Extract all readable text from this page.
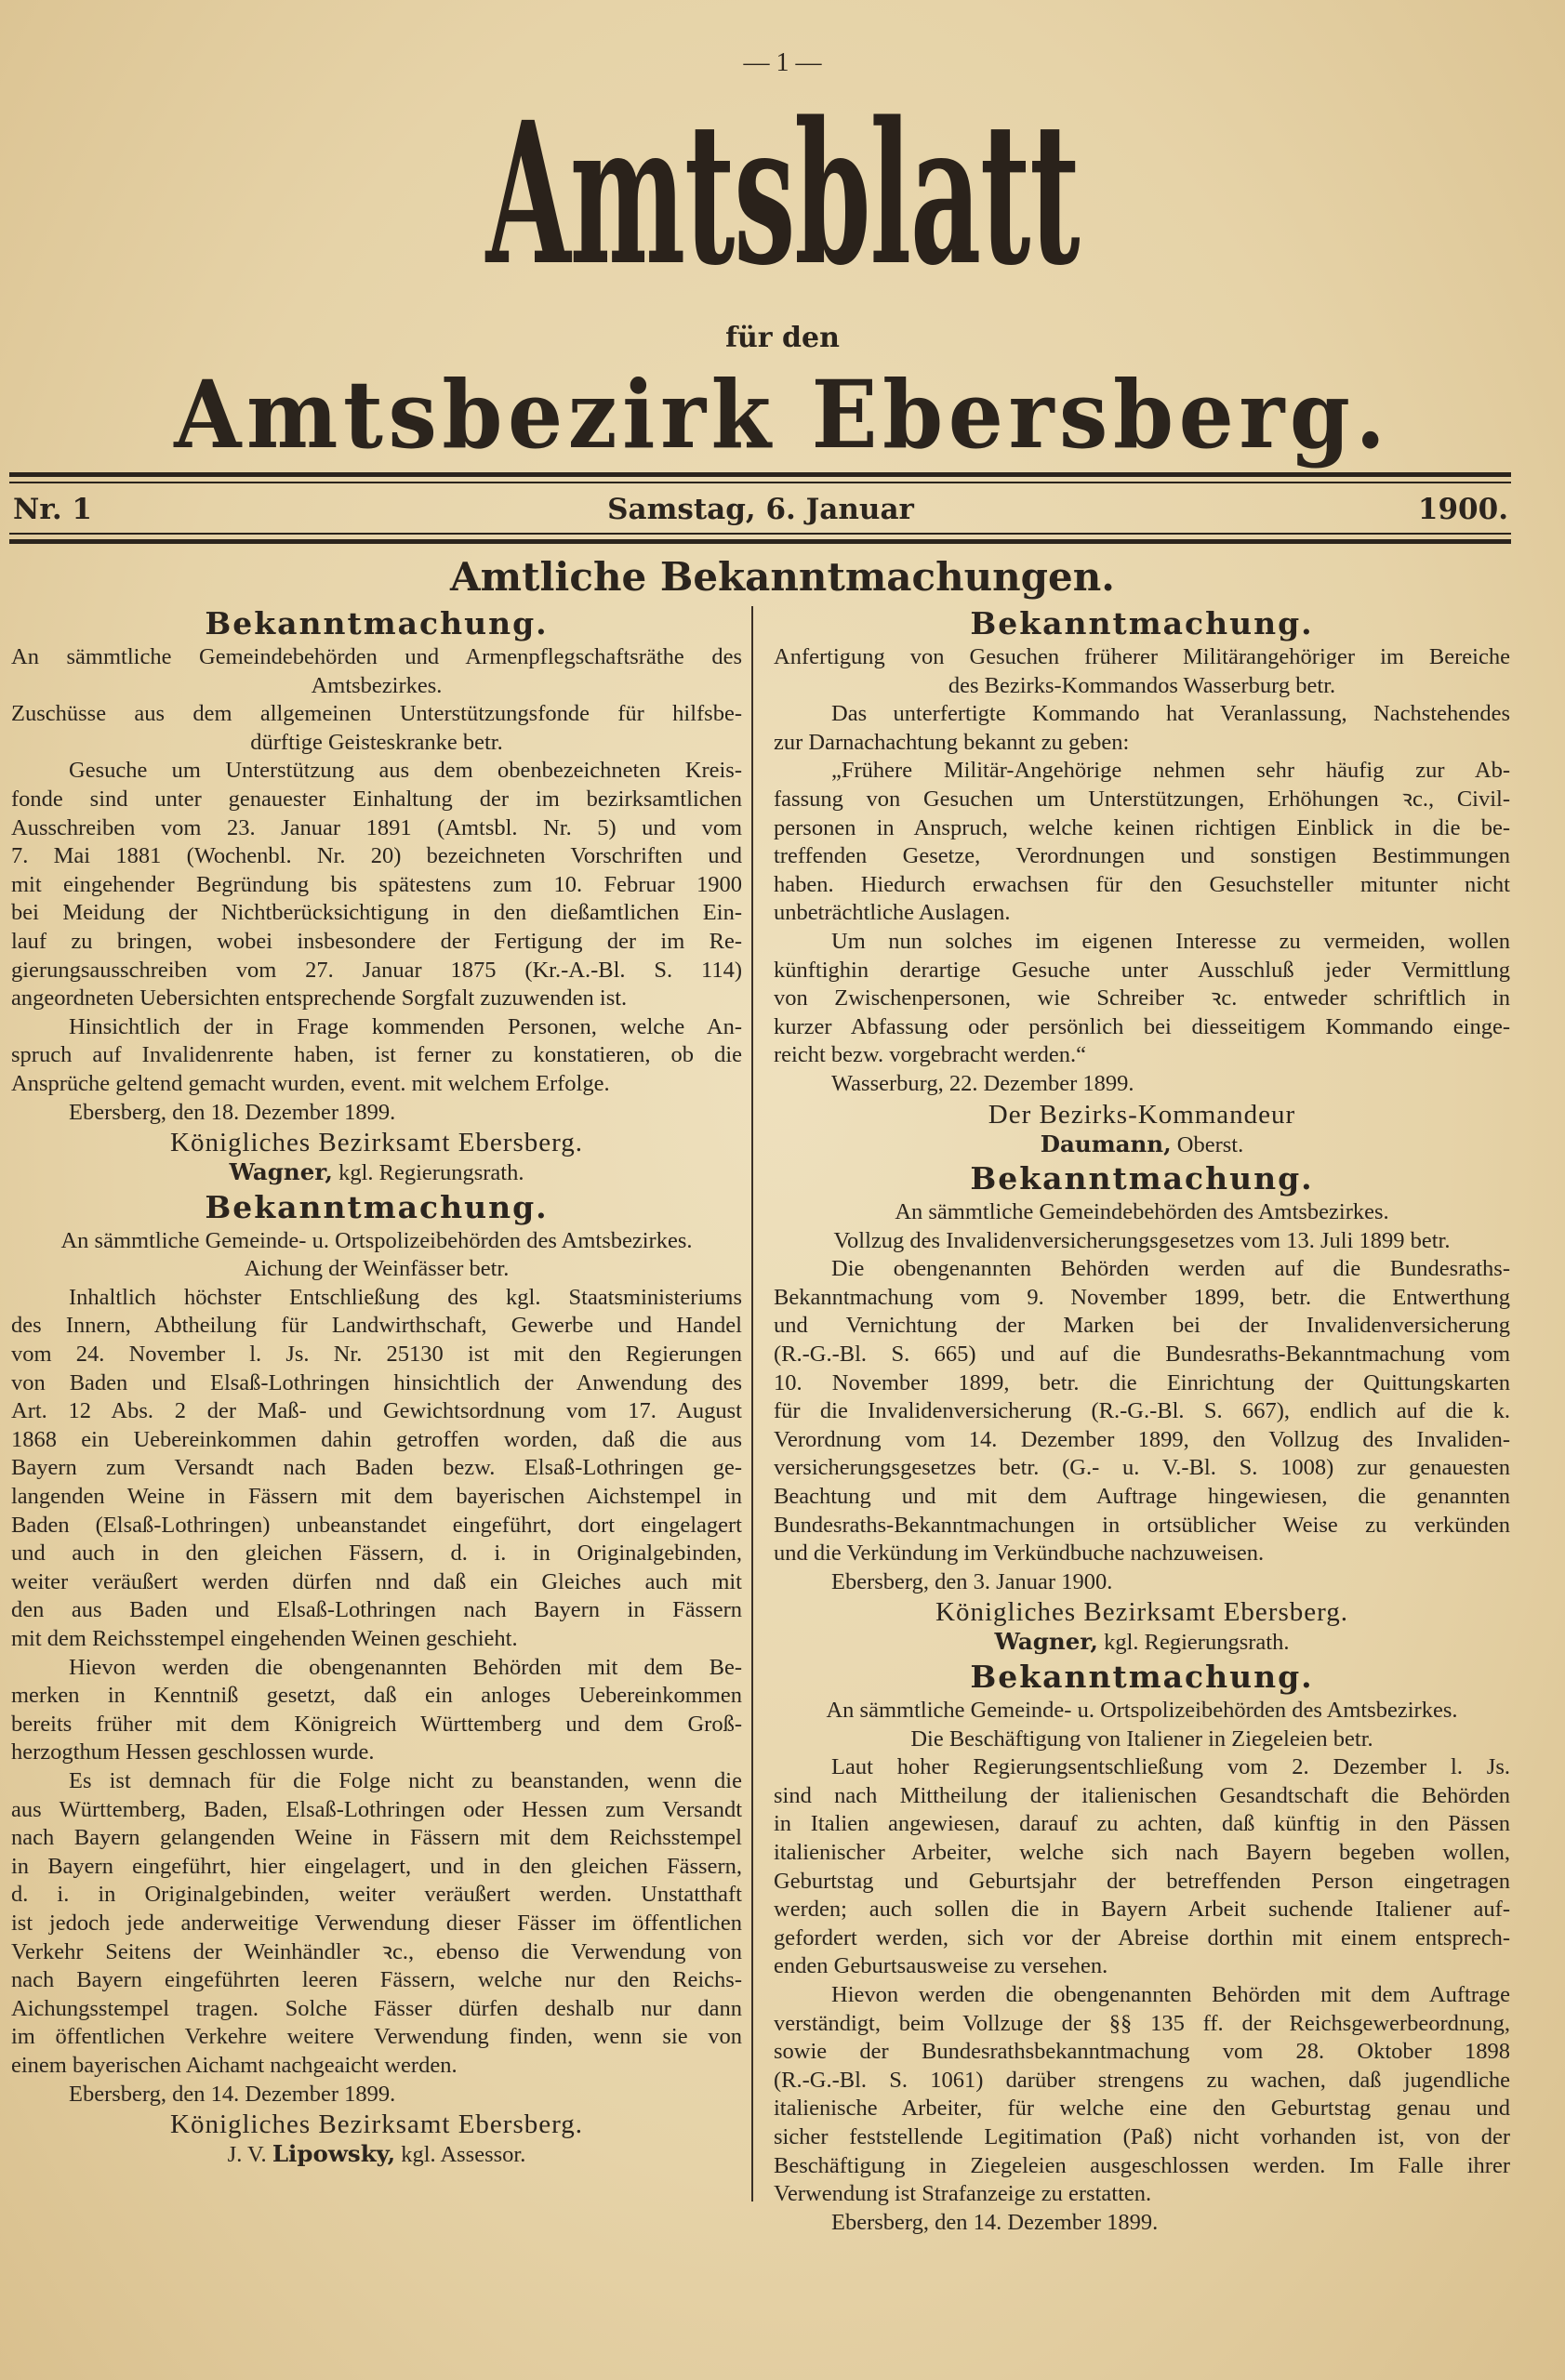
— 1 —
Amtsblatt
für den
Amtsbezirk Ebersberg.
Nr. 1	Samstag, 6. Januar	1900.
Amtliche Bekanntmachungen.
Bekanntmachung.
An sämmtliche Gemeindebehörden und Armenpflegschaftsräthe des
Amtsbezirkes.
Zuschüsse aus dem allgemeinen Unterstützungsfonde für hilfsbe-
dürftige Geisteskranke betr.
Gesuche um Unterstützung aus dem obenbezeichneten Kreis-
fonde sind unter genauester Einhaltung der im bezirksamtlichen
Ausschreiben vom 23. Januar 1891 (Amtsbl. Nr. 5) und vom
7. Mai 1881 (Wochenbl. Nr. 20) bezeichneten Vorschriften und
mit eingehender Begründung bis spätestens zum 10. Februar 1900
bei Meidung der Nichtberücksichtigung in den dießamtlichen Ein-
lauf zu bringen, wobei insbesondere der Fertigung der im Re-
gierungsausschreiben vom 27. Januar 1875 (Kr.-A.-Bl. S. 114)
angeordneten Uebersichten entsprechende Sorgfalt zuzuwenden ist.
Hinsichtlich der in Frage kommenden Personen, welche An-
spruch auf Invalidenrente haben, ist ferner zu konstatieren, ob die
Ansprüche geltend gemacht wurden, event. mit welchem Erfolge.
Ebersberg, den 18. Dezember 1899.
Königliches Bezirksamt Ebersberg.
Wagner, kgl. Regierungsrath.
Bekanntmachung.
An sämmtliche Gemeinde- u. Ortspolizeibehörden des Amtsbezirkes.
Aichung der Weinfässer betr.
Inhaltlich höchster Entschließung des kgl. Staatsministeriums
des Innern, Abtheilung für Landwirthschaft, Gewerbe und Handel
vom 24. November l. Js. Nr. 25130 ist mit den Regierungen
von Baden und Elsaß-Lothringen hinsichtlich der Anwendung des
Art. 12 Abs. 2 der Maß- und Gewichtsordnung vom 17. August
1868 ein Uebereinkommen dahin getroffen worden, daß die aus
Bayern zum Versandt nach Baden bezw. Elsaß-Lothringen ge-
langenden Weine in Fässern mit dem bayerischen Aichstempel in
Baden (Elsaß-Lothringen) unbeanstandet eingeführt, dort eingelagert
und auch in den gleichen Fässern, d. i. in Originalgebinden,
weiter veräußert werden dürfen nnd daß ein Gleiches auch mit
den aus Baden und Elsaß-Lothringen nach Bayern in Fässern
mit dem Reichsstempel eingehenden Weinen geschieht.
Hievon werden die obengenannten Behörden mit dem Be-
merken in Kenntniß gesetzt, daß ein anloges Uebereinkommen
bereits früher mit dem Königreich Württemberg und dem Groß-
herzogthum Hessen geschlossen wurde.
Es ist demnach für die Folge nicht zu beanstanden, wenn die
aus Württemberg, Baden, Elsaß-Lothringen oder Hessen zum Versandt
nach Bayern gelangenden Weine in Fässern mit dem Reichsstempel
in Bayern eingeführt, hier eingelagert, und in den gleichen Fässern,
d. i. in Originalgebinden, weiter veräußert werden. Unstatthaft
ist jedoch jede anderweitige Verwendung dieser Fässer im öffentlichen
Verkehr Seitens der Weinhändler ꝛc., ebenso die Verwendung von
nach Bayern eingeführten leeren Fässern, welche nur den Reichs-
Aichungsstempel tragen. Solche Fässer dürfen deshalb nur dann
im öffentlichen Verkehre weitere Verwendung finden, wenn sie von
einem bayerischen Aichamt nachgeaicht werden.
Ebersberg, den 14. Dezember 1899.
Königliches Bezirksamt Ebersberg.
J. V. Lipowsky, kgl. Assessor.
Bekanntmachung.
Anfertigung von Gesuchen früherer Militärangehöriger im Bereiche
des Bezirks-Kommandos Wasserburg betr.
Das unterfertigte Kommando hat Veranlassung, Nachstehendes
zur Darnachachtung bekannt zu geben:
„Frühere Militär-Angehörige nehmen sehr häufig zur Ab-
fassung von Gesuchen um Unterstützungen, Erhöhungen ꝛc., Civil-
personen in Anspruch, welche keinen richtigen Einblick in die be-
treffenden Gesetze, Verordnungen und sonstigen Bestimmungen
haben. Hiedurch erwachsen für den Gesuchsteller mitunter nicht
unbeträchtliche Auslagen.
Um nun solches im eigenen Interesse zu vermeiden, wollen
künftighin derartige Gesuche unter Ausschluß jeder Vermittlung
von Zwischenpersonen, wie Schreiber ꝛc. entweder schriftlich in
kurzer Abfassung oder persönlich bei diesseitigem Kommando einge-
reicht bezw. vorgebracht werden.“
Wasserburg, 22. Dezember 1899.
Der Bezirks-Kommandeur
Daumann, Oberst.
Bekanntmachung.
An sämmtliche Gemeindebehörden des Amtsbezirkes.
Vollzug des Invalidenversicherungsgesetzes vom 13. Juli 1899 betr.
Die obengenannten Behörden werden auf die Bundesraths-
Bekanntmachung vom 9. November 1899, betr. die Entwerthung
und Vernichtung der Marken bei der Invalidenversicherung
(R.-G.-Bl. S. 665) und auf die Bundesraths-Bekanntmachung vom
10. November 1899, betr. die Einrichtung der Quittungskarten
für die Invalidenversicherung (R.-G.-Bl. S. 667), endlich auf die k.
Verordnung vom 14. Dezember 1899, den Vollzug des Invaliden-
versicherungsgesetzes betr. (G.- u. V.-Bl. S. 1008) zur genauesten
Beachtung und mit dem Auftrage hingewiesen, die genannten
Bundesraths-Bekanntmachungen in ortsüblicher Weise zu verkünden
und die Verkündung im Verkündbuche nachzuweisen.
Ebersberg, den 3. Januar 1900.
Königliches Bezirksamt Ebersberg.
Wagner, kgl. Regierungsrath.
Bekanntmachung.
An sämmtliche Gemeinde- u. Ortspolizeibehörden des Amtsbezirkes.
Die Beschäftigung von Italiener in Ziegeleien betr.
Laut hoher Regierungsentschließung vom 2. Dezember l. Js.
sind nach Mittheilung der italienischen Gesandtschaft die Behörden
in Italien angewiesen, darauf zu achten, daß künftig in den Pässen
italienischer Arbeiter, welche sich nach Bayern begeben wollen,
Geburtstag und Geburtsjahr der betreffenden Person eingetragen
werden; auch sollen die in Bayern Arbeit suchende Italiener auf-
gefordert werden, sich vor der Abreise dorthin mit einem entsprech-
enden Geburtsausweise zu versehen.
Hievon werden die obengenannten Behörden mit dem Auftrage
verständigt, beim Vollzuge der §§ 135 ff. der Reichsgewerbeordnung,
sowie der Bundesrathsbekanntmachung vom 28. Oktober 1898
(R.-G.-Bl. S. 1061) darüber strengens zu wachen, daß jugendliche
italienische Arbeiter, für welche eine den Geburtstag genau und
sicher feststellende Legitimation (Paß) nicht vorhanden ist, von der
Beschäftigung in Ziegeleien ausgeschlossen werden. Im Falle ihrer
Verwendung ist Strafanzeige zu erstatten.
Ebersberg, den 14. Dezember 1899.
